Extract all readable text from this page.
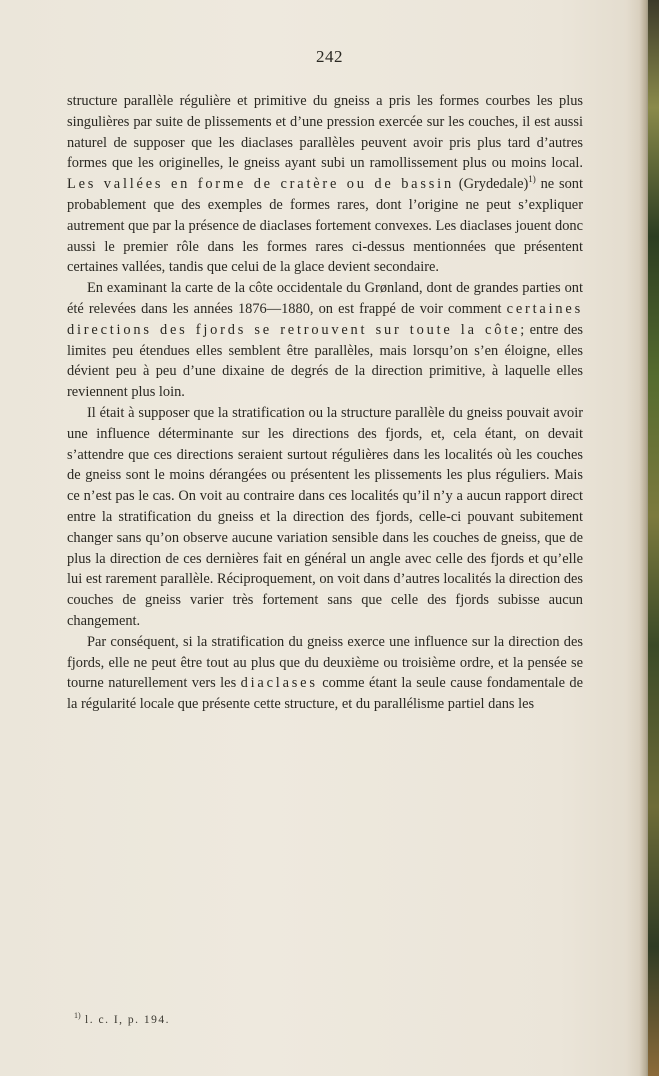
242

structure parallèle régulière et primitive du gneiss a pris les formes courbes les plus singulières par suite de plissements et d’une pression exercée sur les couches, il est aussi naturel de supposer que les diaclases parallèles peuvent avoir pris plus tard d’autres formes que les originelles, le gneiss ayant subi un ramollissement plus ou moins local. Les vallées en forme de cratère ou de bassin (Grydedale)$^{1)}$ ne sont probablement que des exemples de formes rares, dont l’origine ne peut s’expliquer autrement que par la présence de diaclases fortement convexes. Les diaclases jouent donc aussi le premier rôle dans les formes rares ci-dessus mentionnées que présentent certaines vallées, tandis que celui de la glace devient secondaire.

En examinant la carte de la côte occidentale du Grønland, dont de grandes parties ont été relevées dans les années 1876—1880, on est frappé de voir comment certaines directions des fjords se retrouvent sur toute la côte; entre des limites peu étendues elles semblent être parallèles, mais lorsqu’on s’en éloigne, elles dévient peu à peu d’une dixaine de degrés de la direction primitive, à laquelle elles reviennent plus loin.

Il était à supposer que la stratification ou la structure parallèle du gneiss pouvait avoir une influence déterminante sur les directions des fjords, et, cela étant, on devait s’attendre que ces directions seraient surtout régulières dans les localités où les couches de gneiss sont le moins dérangées ou présentent les plissements les plus réguliers. Mais ce n’est pas le cas. On voit au contraire dans ces localités qu’il n’y a aucun rapport direct entre la stratification du gneiss et la direction des fjords, celle-ci pouvant subitement changer sans qu’on observe aucune variation sensible dans les couches de gneiss, que de plus la direction de ces dernières fait en général un angle avec celle des fjords et qu’elle lui est rarement parallèle. Réciproquement, on voit dans d’autres localités la direction des couches de gneiss varier très fortement sans que celle des fjords subisse aucun changement.

Par conséquent, si la stratification du gneiss exerce une influence sur la direction des fjords, elle ne peut être tout au plus que du deuxième ou troisième ordre, et la pensée se tourne naturellement vers les diaclases comme étant la seule cause fondamentale de la régularité locale que présente cette structure, et du parallélisme partiel dans les

$^{1)}$ l. c. I, p. 194.
